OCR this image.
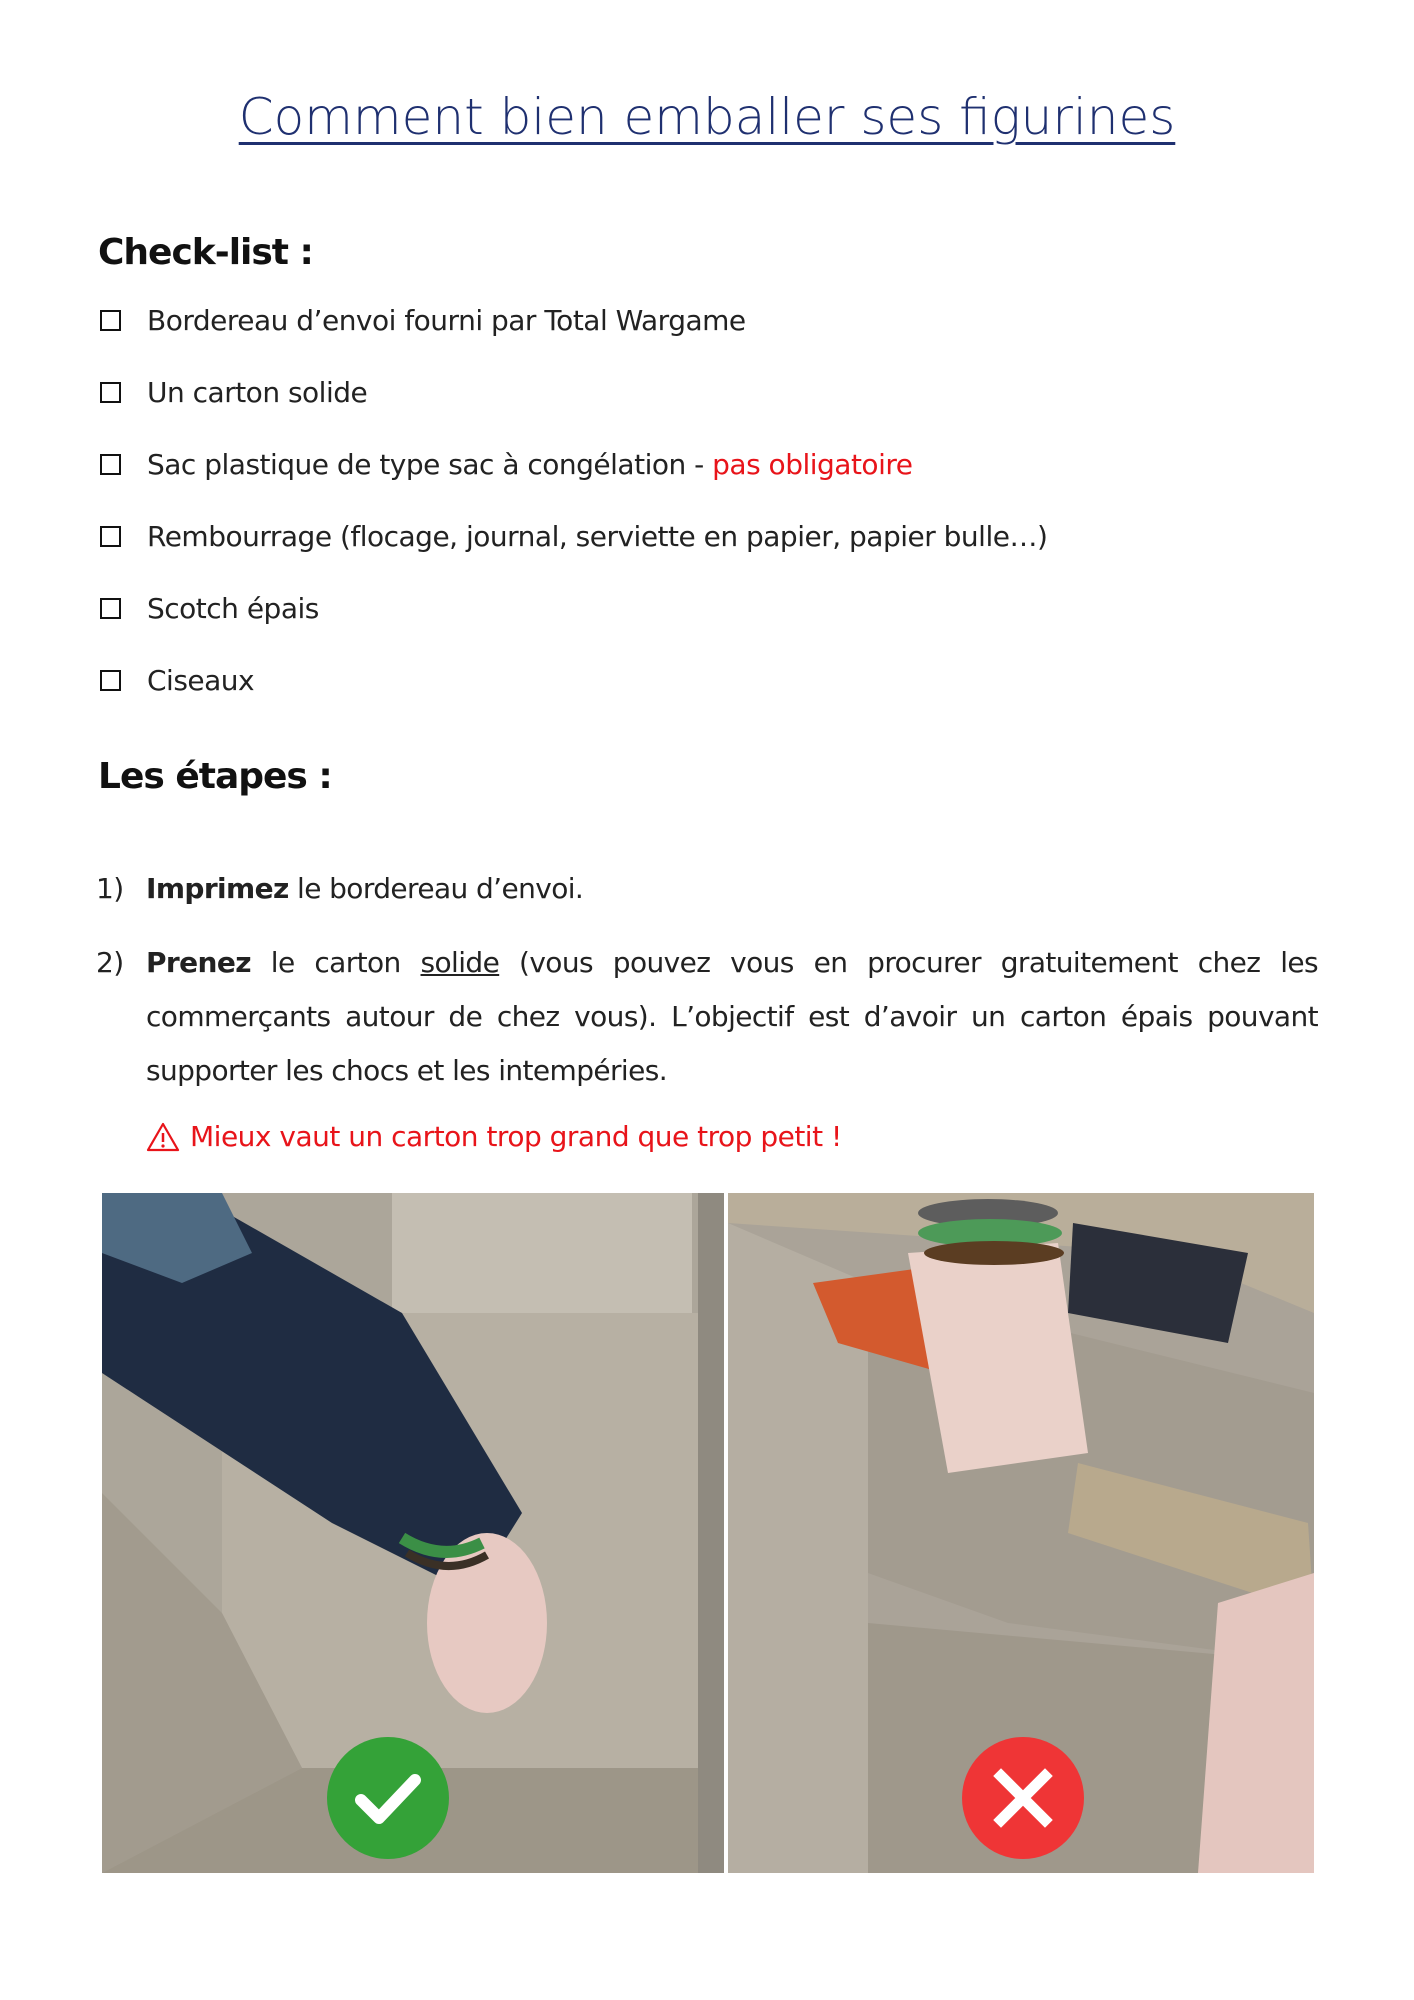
Comment bien emballer ses figurines
Check-list :
Bordereau d’envoi fourni par Total Wargame
Un carton solide
Sac plastique de type sac à congélation - pas obligatoire
Rembourrage (flocage, journal, serviette en papier, papier bulle…)
Scotch épais
Ciseaux
Les étapes :
1) Imprimez le bordereau d’envoi.
2) Prenez le carton solide (vous pouvez vous en procurer gratuitement chez les commerçants autour de chez vous). L’objectif est d’avoir un carton épais pouvant supporter les chocs et les intempéries.
Mieux vaut un carton trop grand que trop petit !
